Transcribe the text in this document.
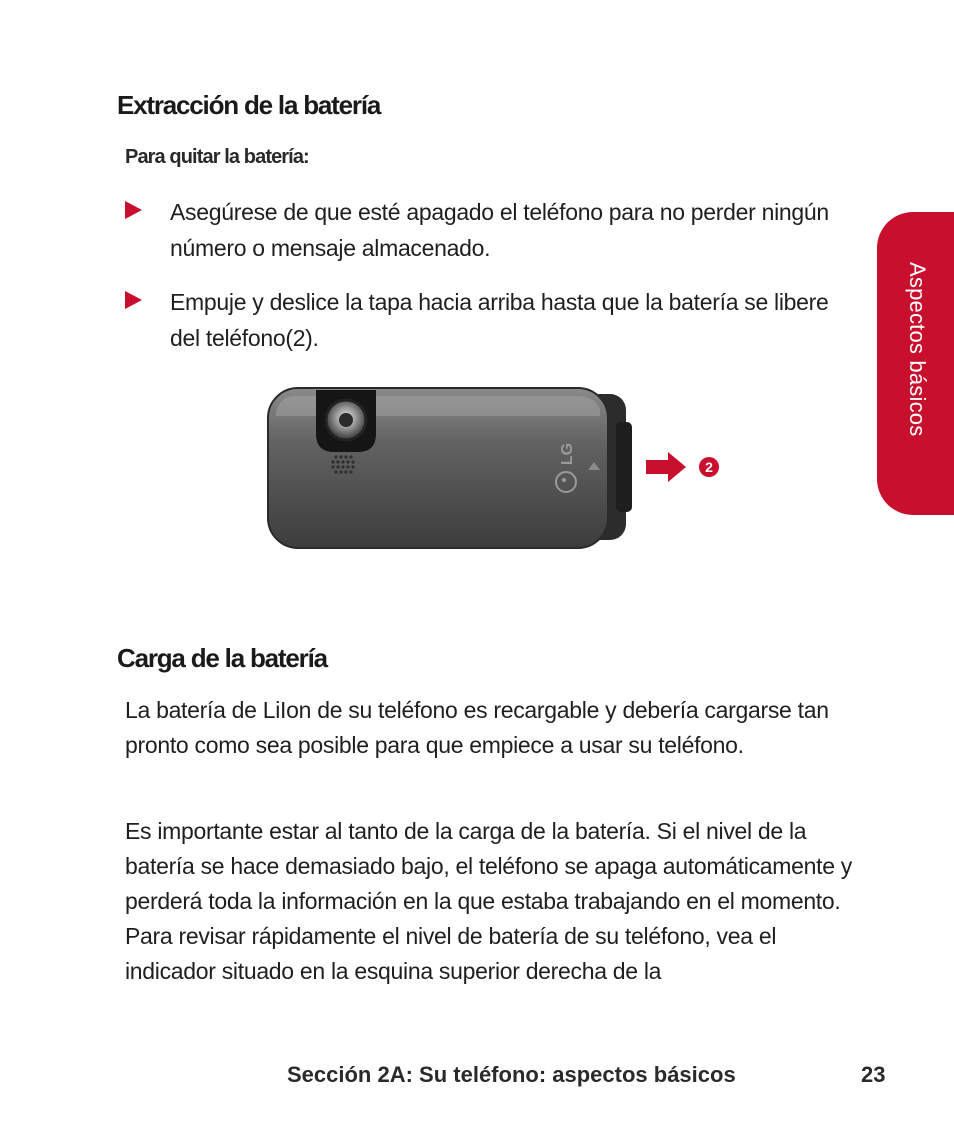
Extracción de la batería

Para quitar la batería:

Asegúrese de que esté apagado el teléfono para no perder ningún número o mensaje almacenado.
Empuje y deslice la tapa hacia arriba hasta que la batería se libere del teléfono(2).
LG
2
Carga de la batería

La batería de LiIon de su teléfono es recargable y debería cargarse tan pronto como sea posible para que empiece a usar su teléfono.

Es importante estar al tanto de la carga de la batería. Si el nivel de la batería se hace demasiado bajo, el teléfono se apaga automáticamente y perderá toda la información en la que estaba trabajando en el momento. Para revisar rápidamente el nivel de batería de su teléfono, vea el indicador situado en la esquina superior derecha de la

Aspectos básicos
Sección 2A: Su teléfono: aspectos básicos	23
